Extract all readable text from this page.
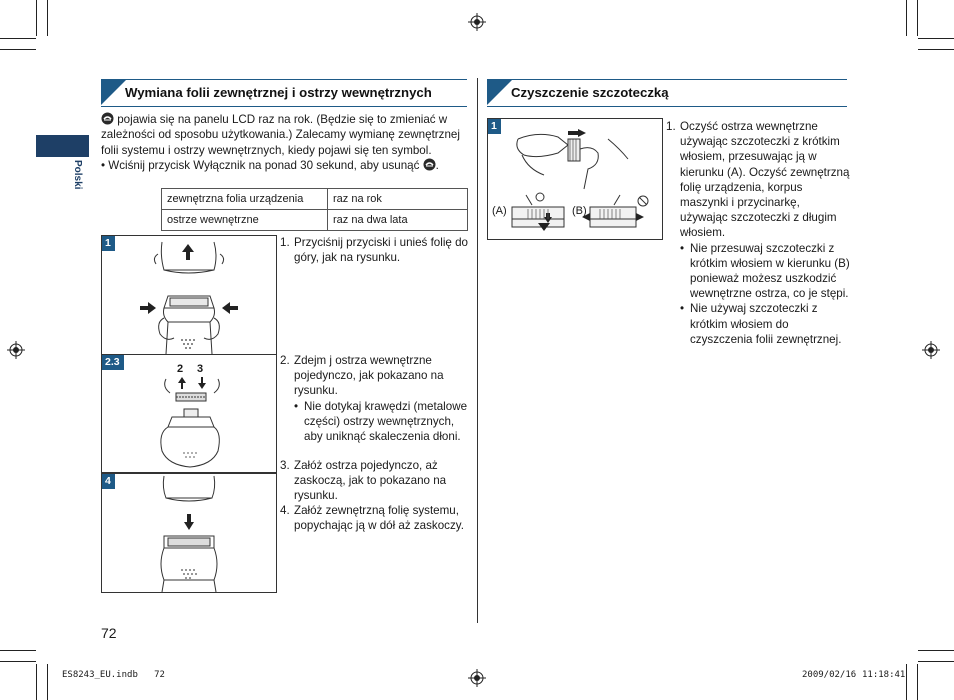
Polski
Wymiana folii zewnętrznej i ostrzy wewnętrznych
pojawia się na panelu LCD raz na rok. (Będzie się to zmieniać w zależności od sposobu użytkowania.) Zalecamy wymianę zewnętrznej folii systemu i ostrzy wewnętrznych, kiedy pojawi się ten symbol.
• Wciśnij przycisk Wyłącznik na ponad 30 sekund, aby usunąć .
zewnętrzna folia urządzenia	raz na rok
ostrze wewnętrzne	raz na dwa lata
1
2.3
2 3
4
1. Przyciśnij przyciski i unieś folię do góry, jak na rysunku.
2. Zdejm j ostrza wewnętrzne pojedynczo, jak pokazano na rysunku.
• Nie dotykaj krawędzi (metalowe części) ostrzy wewnętrznych, aby uniknąć skaleczenia dłoni.
3. Załóż ostrza pojedynczo, aż zaskoczą, jak to pokazano na rysunku.
4. Załóż zewnętrzną folię systemu, popychając ją w dół aż zaskoczy.
Czyszczenie szczoteczką
1
(A)	(B)
1. Oczyść ostrza wewnętrzne używając szczoteczki z krótkim włosiem, przesuwając ją w kierunku (A). Oczyść zewnętrzną folię urządzenia, korpus maszynki i przycinarkę, używając szczoteczki z długim włosiem.
• Nie przesuwaj szczoteczki z krótkim włosiem w kierunku (B) ponieważ możesz uszkodzić wewnętrzne ostrza, co je stępi.
• Nie używaj szczoteczki z krótkim włosiem do czyszczenia folii zewnętrznej.
72
ES8243_EU.indb   72	2009/02/16 11:18:41
